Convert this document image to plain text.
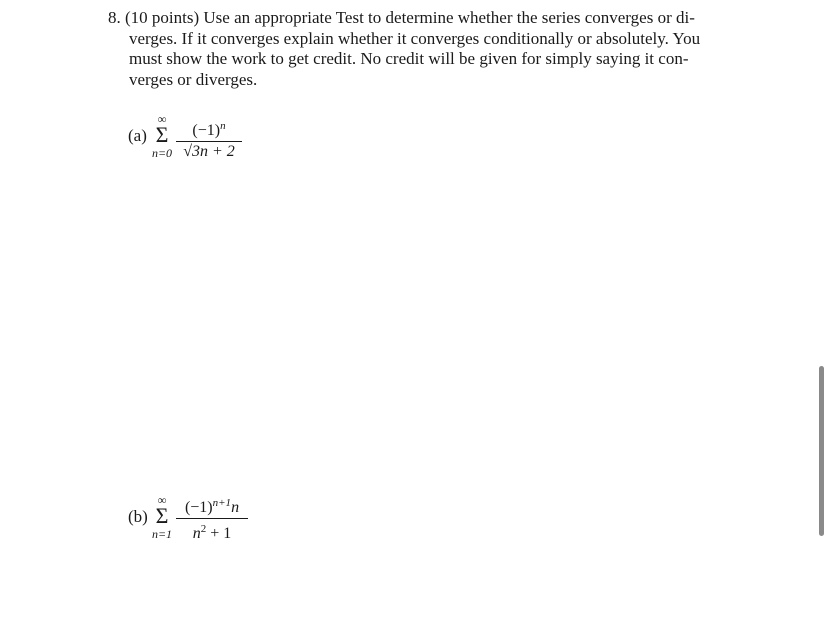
8. (10 points) Use an appropriate Test to determine whether the series converges or di-
verges. If it converges explain whether it converges conditionally or absolutely. You
must show the work to get credit. No credit will be given for simply saying it con-
verges or diverges.
(a)
∞
Σ
n=0
$(-1)^n$
√3n + 2
(b)
∞
Σ
n=1
$(-1)^{n+1}n$
$n^2 + 1$
